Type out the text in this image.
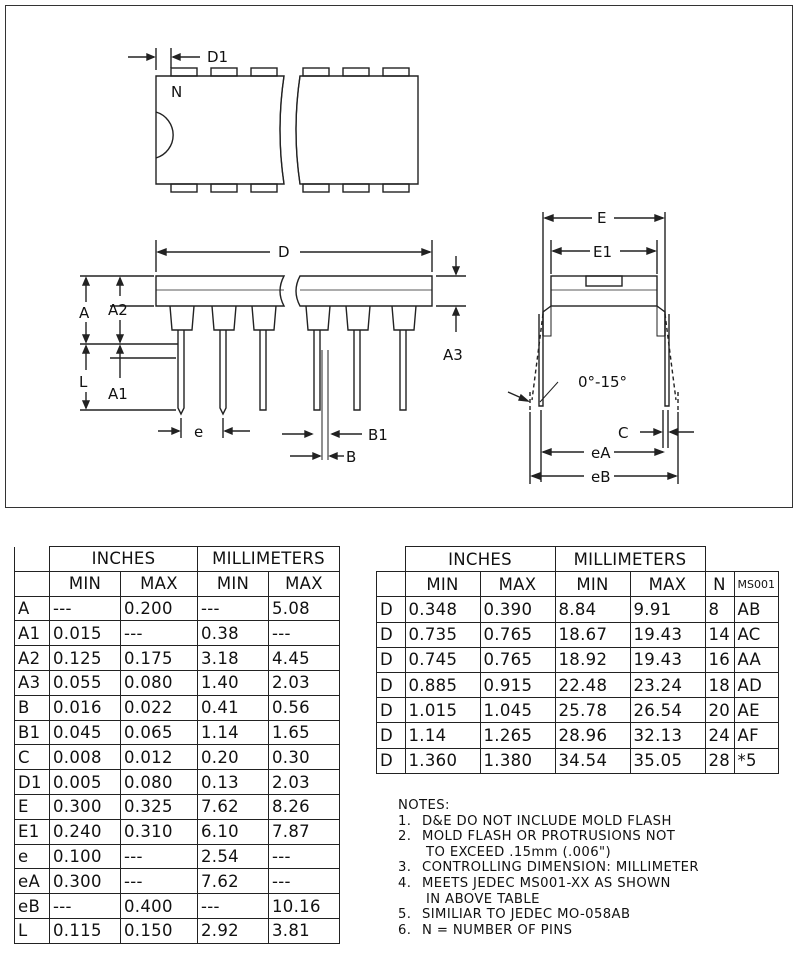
D1
N
D
A A2
L
A1
A3
e	B1
B
E
E1
0°-15°
C
eA
eB
	INCHES		MILLIMETERS	
	MIN	MAX	MIN	MAX
A	---	0.200	---	5.08
A1	0.015	---	0.38	---
A2	0.125	0.175	3.18	4.45
A3	0.055	0.080	1.40	2.03
B	0.016	0.022	0.41	0.56
B1	0.045	0.065	1.14	1.65
C	0.008	0.012	0.20	0.30
D1	0.005	0.080	0.13	2.03
E	0.300	0.325	7.62	8.26
E1	0.240	0.310	6.10	7.87
e	0.100	---	2.54	---
eA	0.300	---	7.62	---
eB	---	0.400	---	10.16
L	0.115	0.150	2.92	3.81
	INCHES		MILLIMETERS			
	MIN	MAX	MIN	MAX	N	MS001
D	0.348	0.390	8.84	9.91	8	AB
D	0.735	0.765	18.67	19.43	14	AC
D	0.745	0.765	18.92	19.43	16	AA
D	0.885	0.915	22.48	23.24	18	AD
D	1.015	1.045	25.78	26.54	20	AE
D	1.14	1.265	28.96	32.13	24	AF
D	1.360	1.380	34.54	35.05	28	*5
NOTES:
1. D&E DO NOT INCLUDE MOLD FLASH
2. MOLD FLASH OR PROTRUSIONS NOT
TO EXCEED .15mm (.006")
3. CONTROLLING DIMENSION: MILLIMETER
4. MEETS JEDEC MS001-XX AS SHOWN
IN ABOVE TABLE
5. SIMILIAR TO JEDEC MO-058AB
6. N = NUMBER OF PINS
